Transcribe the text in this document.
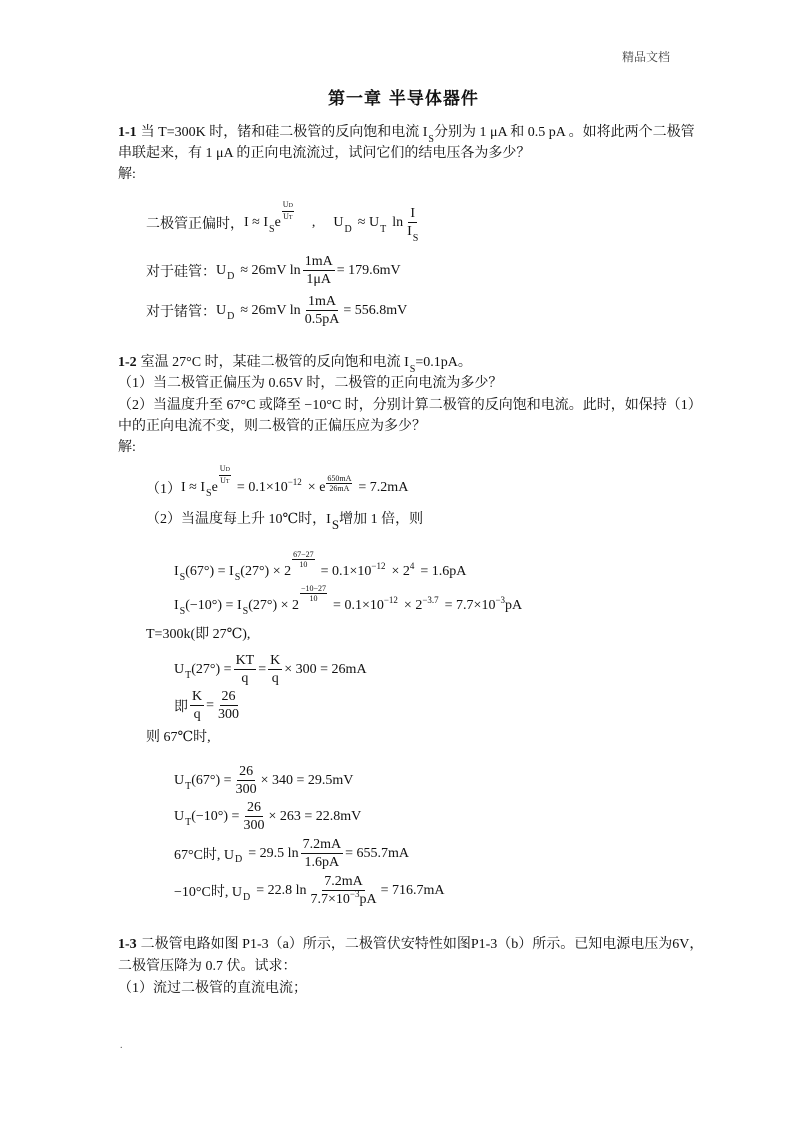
精品文档
第一章 半导体器件
1-1 当 T=300K 时，锗和硅二极管的反向饱和电流 $I_S$分别为 1 μA 和 0.5 pA 。如将此两个二极管
串联起来，有 1 μA 的正向电流流过，试问它们的结电压各为多少？
解:
二极管正偏时， I ≈ I S e $\frac{UD}{UT}$ , U D ≈ U T $\ln \frac{I}{I_S}$
对于硅管： U D ≈ 26mV $\ln \frac{1mA}{1\mu A} = 179.6mV$
对于锗管： U D ≈ 26mV $\ln \frac{1mA}{0.5pA} = 556.8mV$
1-2 室温 27°C 时，某硅二极管的反向饱和电流 $I_S=0.1pA$。
（1）当二极管正偏压为 0.65V 时，二极管的正向电流为多少？
（2）当温度升至 67°C 或降至 −10°C 时，分别计算二极管的反向饱和电流。此时，如保持（1）
中的正向电流不变，则二极管的正偏压应为多少？
解:
（1） I ≈ I S e $\frac{UD}{UT} = 0.1\times 10 -12 \times e \frac{650mA}{26mA} = 7.2mA$
（2）当温度每上升 10℃时，IS增加 1 倍，则
I S (67°) = I S (27°) × 2
$\frac{67-27}{10}$
= 0.1×10 −12 × 2 4 = 1.6pA
I S (−10°) = I S (27°) × 2
$\frac{-10-27}{10}$
= 0.1×10 −12 × 2 −3.7 = 7.7×10 −3 pA
T=300k(即 27℃),
U T $(27^\circ) = \frac{KT}{q} = \frac{K}{q} \times 300 = 26mA$
即 $\frac{K}{q} = \frac{26}{300}$
则 67℃时,
U T $(67^\circ) = \frac{26}{300} \times 340 = 29.5mV$
U T $(-10^\circ) = \frac{26}{300} \times 263 = 22.8mV$
67°C时, U D = 29.5 $\ln \frac{7.2mA}{1.6pA} = 655.7mA$
−10°C时, U D = 22.8 $\ln \frac{7.2mA}{7.7\times 10^{-3}pA} = 716.7mA$
1-3 二极管电路如图 P1-3（a）所示，二极管伏安特性如图P1-3（b）所示。已知电源电压为6V，
二极管压降为 0.7 伏。试求：
（1）流过二极管的直流电流；
.
